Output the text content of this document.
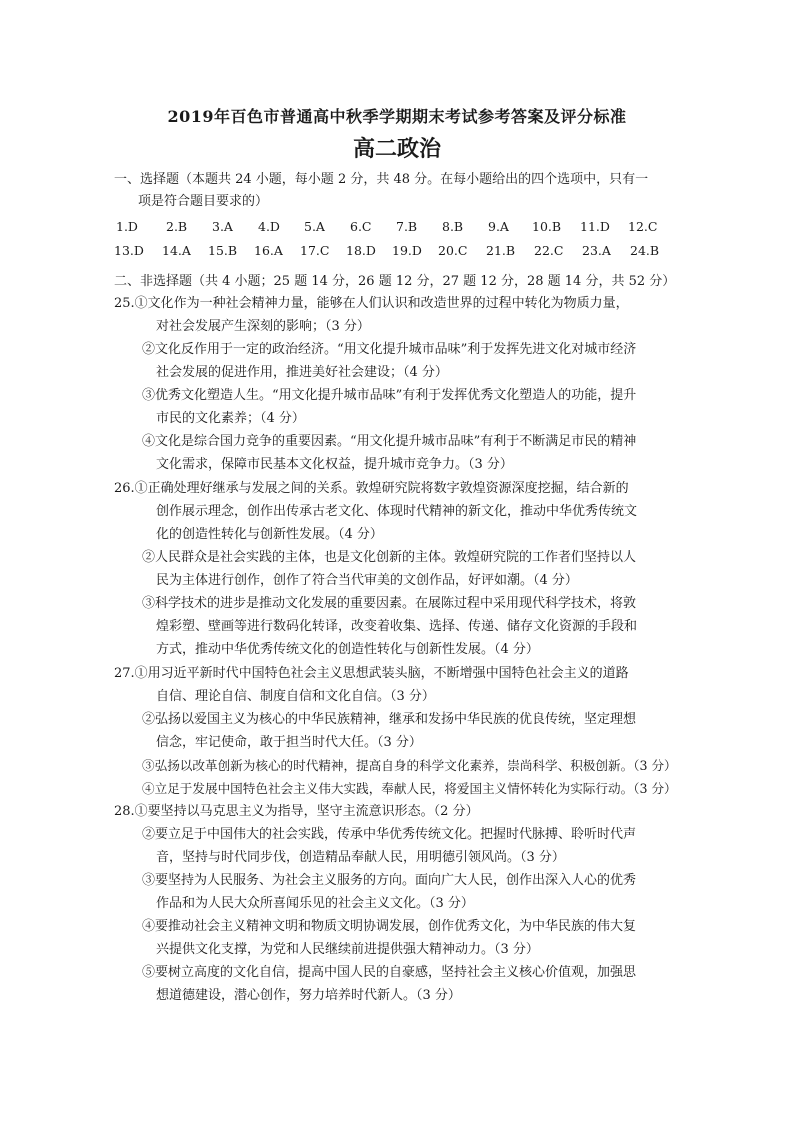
2019年百色市普通高中秋季学期期末考试参考答案及评分标准
高二政治
一、选择题（本题共 24 小题，每小题 2 分，共 48 分。在每小题给出的四个选项中，只有一
项是符合题目要求的）
1.D 2.B 3.A 4.D 5.A 6.C 7.B 8.B 9.A 10.B 11.D 12.C
13.D 14.A 15.B 16.A 17.C 18.D 19.D 20.C 21.B 22.C 23.A 24.B
二、非选择题（共 4 小题；25 题 14 分，26 题 12 分，27 题 12 分，28 题 14 分，共 52 分）
25.①文化作为一种社会精神力量，能够在人们认识和改造世界的过程中转化为物质力量，
对社会发展产生深刻的影响；（3 分）
②文化反作用于一定的政治经济。“用文化提升城市品味”利于发挥先进文化对城市经济
社会发展的促进作用，推进美好社会建设；（4 分）
③优秀文化塑造人生。“用文化提升城市品味”有利于发挥优秀文化塑造人的功能，提升
市民的文化素养；（4 分）
④文化是综合国力竞争的重要因素。“用文化提升城市品味”有利于不断满足市民的精神
文化需求，保障市民基本文化权益，提升城市竞争力。（3 分）
26.①正确处理好继承与发展之间的关系。敦煌研究院将数字敦煌资源深度挖掘，结合新的
创作展示理念，创作出传承古老文化、体现时代精神的新文化，推动中华优秀传统文
化的创造性转化与创新性发展。（4 分）
②人民群众是社会实践的主体，也是文化创新的主体。敦煌研究院的工作者们坚持以人
民为主体进行创作，创作了符合当代审美的文创作品，好评如潮。（4 分）
③科学技术的进步是推动文化发展的重要因素。在展陈过程中采用现代科学技术，将敦
煌彩塑、壁画等进行数码化转译，改变着收集、选择、传递、储存文化资源的手段和
方式，推动中华优秀传统文化的创造性转化与创新性发展。（4 分）
27.①用习近平新时代中国特色社会主义思想武装头脑，不断增强中国特色社会主义的道路
自信、理论自信、制度自信和文化自信。（3 分）
②弘扬以爱国主义为核心的中华民族精神，继承和发扬中华民族的优良传统，坚定理想
信念，牢记使命，敢于担当时代大任。（3 分）
③弘扬以改革创新为核心的时代精神，提高自身的科学文化素养，崇尚科学、积极创新。（3 分）
④立足于发展中国特色社会主义伟大实践，奉献人民，将爱国主义情怀转化为实际行动。（3 分）
28.①要坚持以马克思主义为指导，坚守主流意识形态。（2 分）
②要立足于中国伟大的社会实践，传承中华优秀传统文化。把握时代脉搏、聆听时代声
音，坚持与时代同步伐，创造精品奉献人民，用明德引领风尚。（3 分）
③要坚持为人民服务、为社会主义服务的方向。面向广大人民，创作出深入人心的优秀
作品和为人民大众所喜闻乐见的社会主义文化。（3 分）
④要推动社会主义精神文明和物质文明协调发展，创作优秀文化，为中华民族的伟大复
兴提供文化支撑，为党和人民继续前进提供强大精神动力。（3 分）
⑤要树立高度的文化自信，提高中国人民的自豪感，坚持社会主义核心价值观，加强思
想道德建设，潜心创作，努力培养时代新人。（3 分）
